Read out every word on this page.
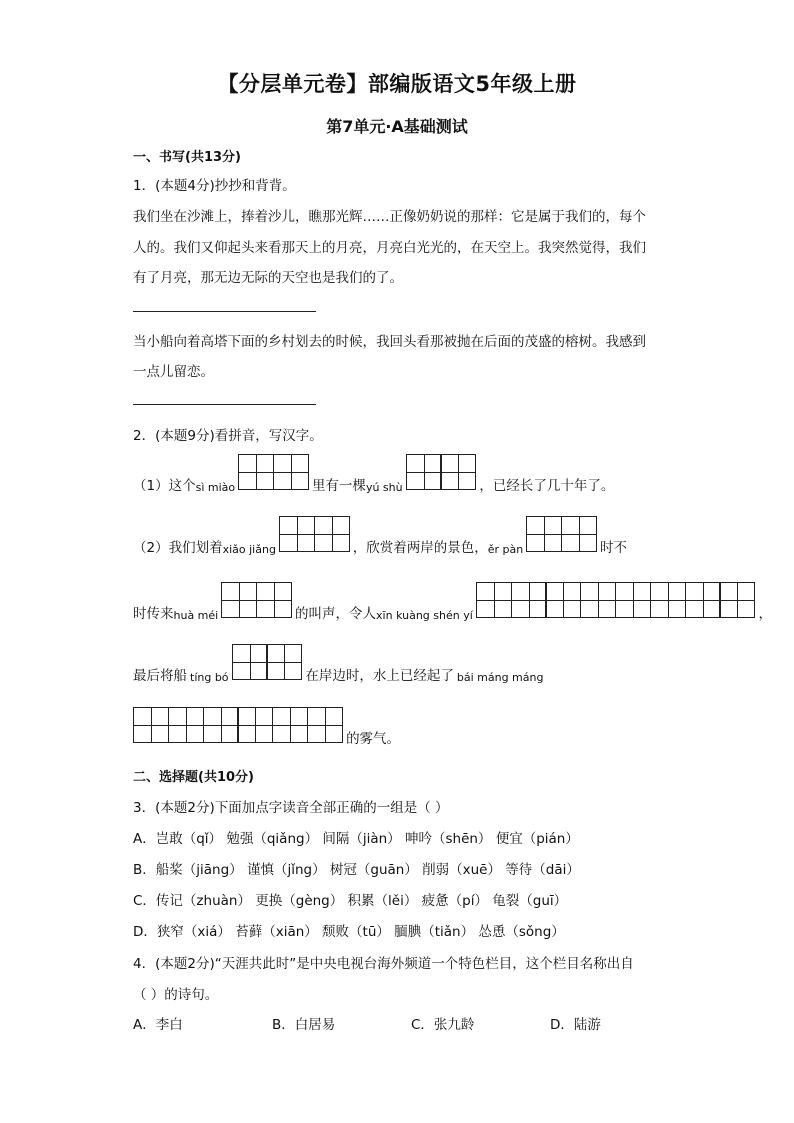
【分层单元卷】部编版语文5年级上册
第7单元·A基础测试
一、书写(共13分)
1．(本题4分)抄抄和背背。
我们坐在沙滩上，捧着沙儿，瞧那光辉……正像奶奶说的那样：它是属于我们的，每个
人的。我们又仰起头来看那天上的月亮，月亮白光光的，在天空上。我突然觉得，我们
有了月亮，那无边无际的天空也是我们的了。
当小船向着高塔下面的乡村划去的时候，我回头看那被抛在后面的茂盛的榕树。我感到
一点儿留恋。
2．(本题9分)看拼音，写汉字。
（1）这个 sì miào	里有一棵 yú shù	，已经长了几十年了。
（2）我们划着 xiǎo jiǎng	，欣赏着两岸的景色， ěr pàn	时不
时传来 huà méi	的叫声，令人 xīn kuàng shén yí	，
最后将船 tíng bó	在岸边时，水上已经起了 bái máng máng
的雾气。
二、选择题(共10分)
3．(本题2分)下面加点字读音全部正确的一组是（ ）
A．岂敢（qǐ） 勉强（qiǎng） 间隔（jiàn） 呻吟（shēn） 便宜（pián）
B．船桨（jiāng） 谨慎（jǐng） 树冠（guān） 削弱（xuē） 等待（dāi）
C．传记（zhuàn） 更换（gèng） 积累（lěi） 疲惫（pí） 龟裂（guī）
D．狭窄（xiá） 苔藓（xiān） 颓败（tū） 腼腆（tiǎn） 怂恿（sǒng）
4．(本题2分)“天涯共此时”是中央电视台海外频道一个特色栏目，这个栏目名称出自
（ ）的诗句。
A．李白	B．白居易	C．张九龄	D．陆游
